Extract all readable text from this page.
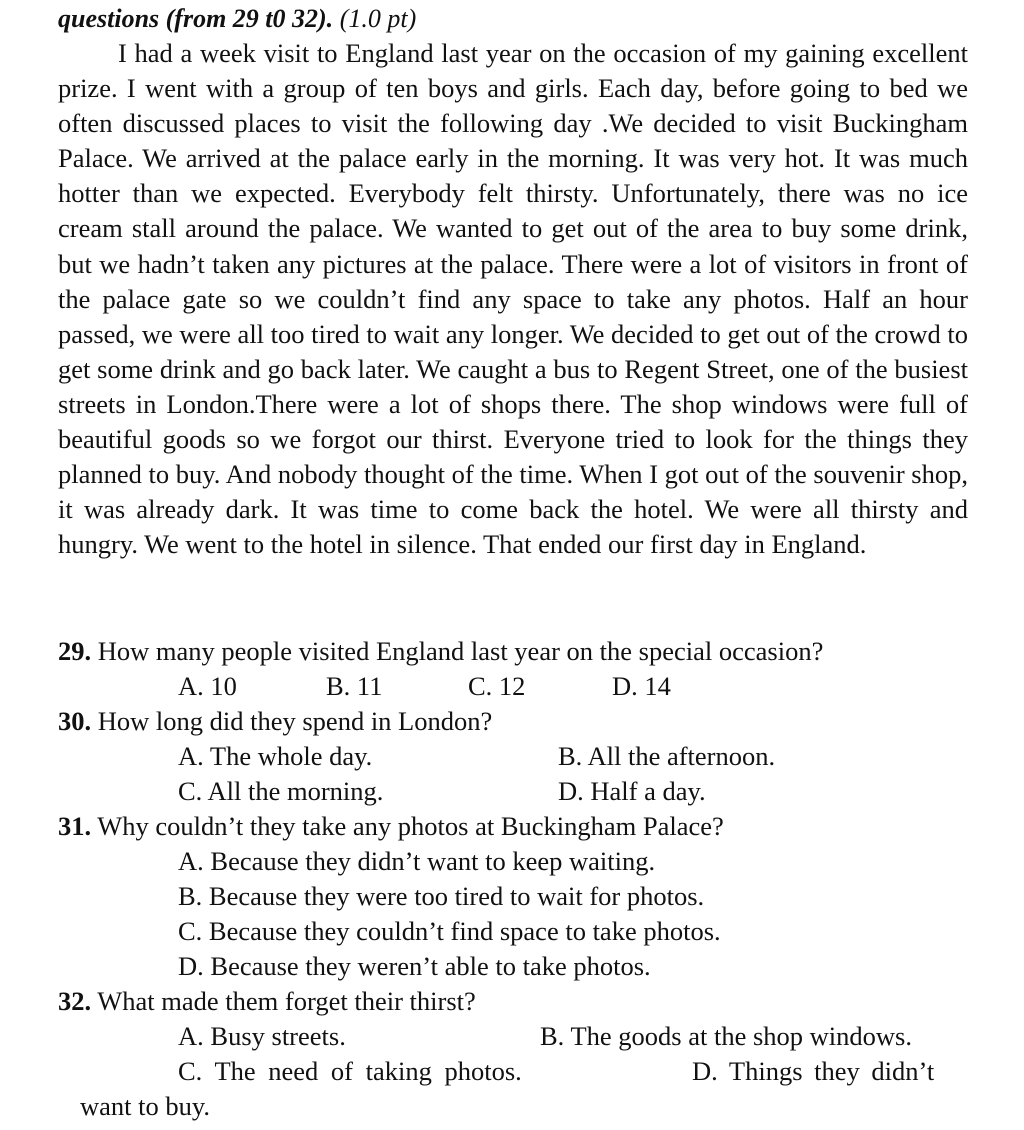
questions (from 29 t0 32). (1.0 pt)
I had a week visit to England last year on the occasion of my gaining excellent prize. I went with a group of ten boys and girls. Each day, before going to bed we often discussed places to visit the following day .We decided to visit Buckingham Palace. We arrived at the palace early in the morning. It was very hot. It was much hotter than we expected. Everybody felt thirsty. Unfortunately, there was no ice cream stall around the palace. We wanted to get out of the area to buy some drink, but we hadn’t taken any pictures at the palace. There were a lot of visitors in front of the palace gate so we couldn’t find any space to take any photos. Half an hour passed, we were all too tired to wait any longer. We decided to get out of the crowd to get some drink and go back later. We caught a bus to Regent Street, one of the busiest streets in London.There were a lot of shops there. The shop windows were full of beautiful goods so we forgot our thirst. Everyone tried to look for the things they planned to buy. And nobody thought of the time. When I got out of the souvenir shop, it was already dark. It was time to come back the hotel. We were all thirsty and hungry. We went to the hotel in silence. That ended our first day in England.
29. How many people visited England last year on the special occasion?
A. 10	B. 11	C. 12	D. 14
30. How long did they spend in London?
A. The whole day.	B. All the afternoon.
C. All the morning.	D. Half a day.
31. Why couldn’t they take any photos at Buckingham Palace?
A. Because they didn’t want to keep waiting.
B. Because they were too tired to wait for photos.
C. Because they couldn’t find space to take photos.
D. Because they weren’t able to take photos.
32. What made them forget their thirst?
A. Busy streets.	B. The goods at the shop windows.
C. The need of taking photos.	D. Things they didn’t
want to buy.
